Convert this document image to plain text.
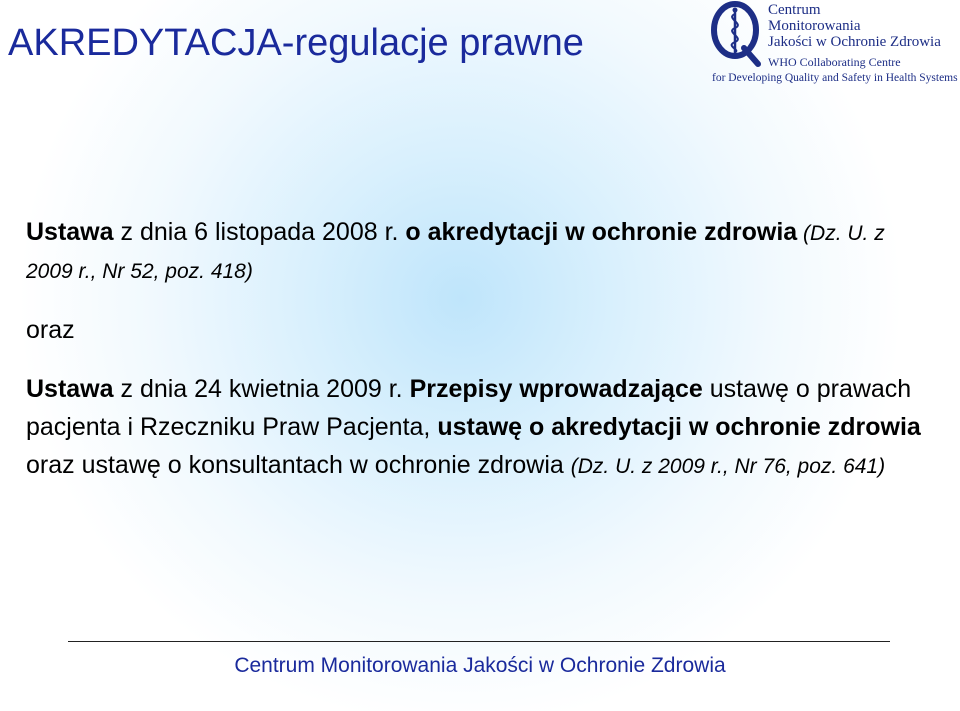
AKREDYTACJA-regulacje prawne
Centrum
Monitorowania
Jakości w Ochronie Zdrowia
WHO Collaborating Centre
for Developing Quality and Safety in Health Systems

Ustawa z dnia 6 listopada 2008 r. o akredytacji w ochronie zdrowia (Dz. U. z 2009 r., Nr 52, poz. 418)

oraz

Ustawa z dnia 24 kwietnia 2009 r. Przepisy wprowadzające ustawę o prawach pacjenta i Rzeczniku Praw Pacjenta, ustawę o akredytacji w ochronie zdrowia oraz ustawę o konsultantach w ochronie zdrowia (Dz. U. z 2009 r., Nr 76, poz. 641)

Centrum Monitorowania Jakości w Ochronie Zdrowia
